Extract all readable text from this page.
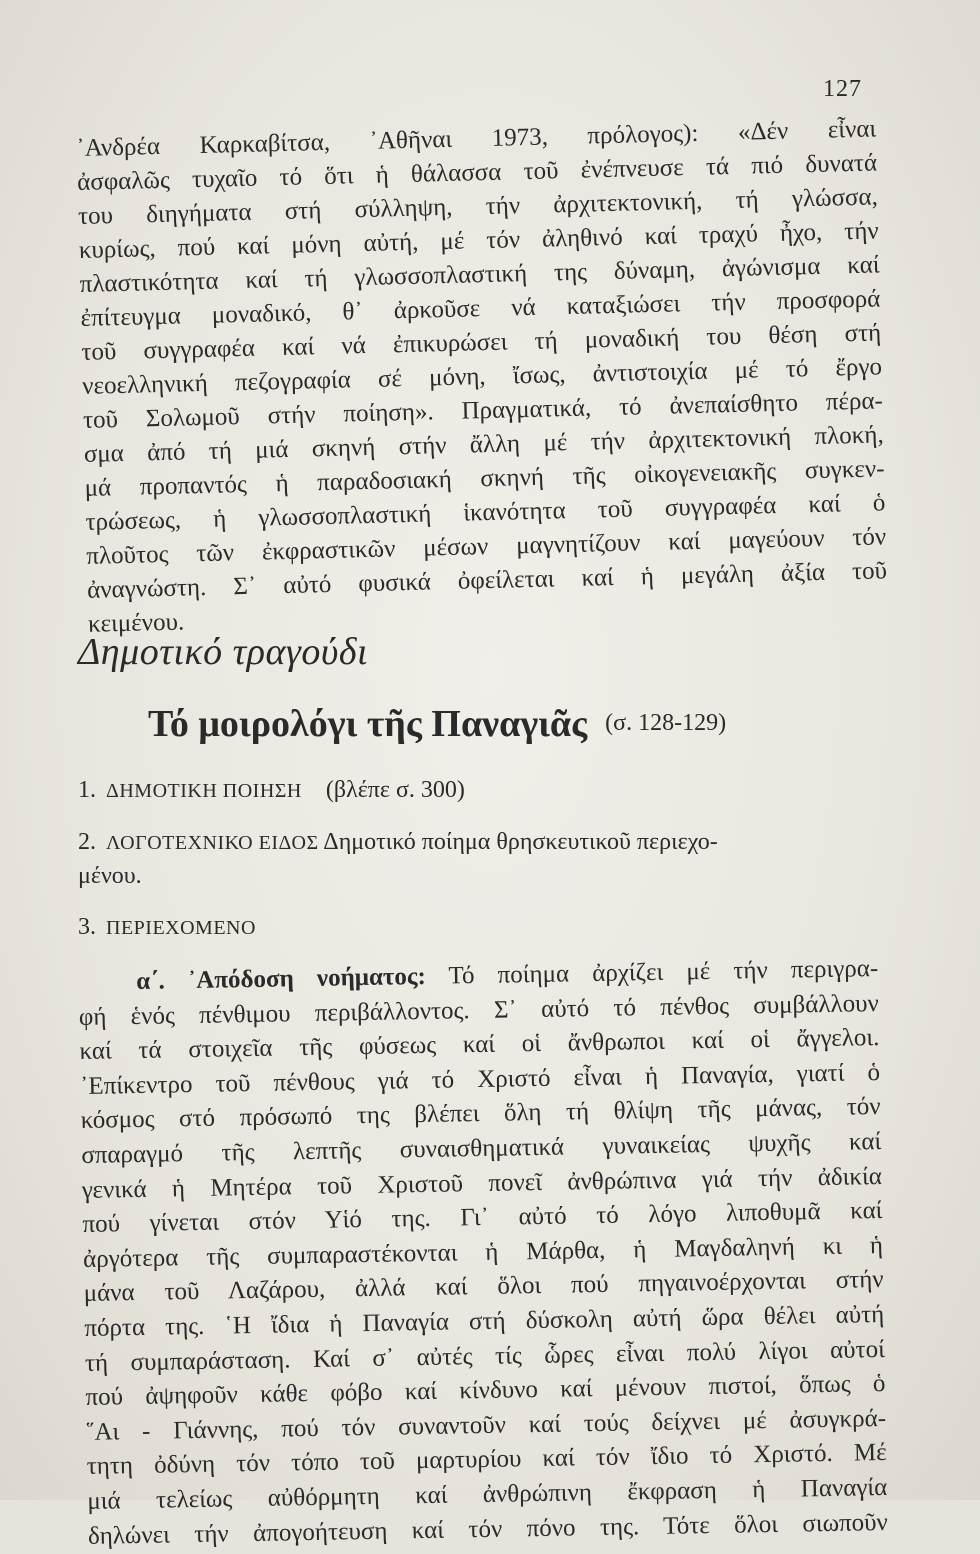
127
᾿Ανδρέα Καρκαβίτσα, ᾿Αθῆναι 1973, πρόλογος): «Δέν εἶναι
ἀσφαλῶς τυχαῖο τό ὅτι ἡ θάλασσα τοῦ ἐνέπνευσε τά πιό δυνατά
του διηγήματα στή σύλληψη, τήν ἀρχιτεκτονική, τή γλώσσα,
κυρίως, πού καί μόνη αὐτή, μέ τόν ἀληθινό καί τραχύ ἦχο, τήν
πλαστικότητα καί τή γλωσσοπλαστική της δύναμη, ἀγώνισμα καί
ἐπίτευγμα μοναδικό, θ᾿ ἀρκοῦσε νά καταξιώσει τήν προσφορά
τοῦ συγγραφέα καί νά ἐπικυρώσει τή μοναδική του θέση στή
νεοελληνική πεζογραφία σέ μόνη, ἴσως, ἀντιστοιχία μέ τό ἔργο
τοῦ Σολωμοῦ στήν ποίηση». Πραγματικά, τό ἀνεπαίσθητο πέρα-
σμα ἀπό τή μιά σκηνή στήν ἄλλη μέ τήν ἀρχιτεκτονική πλοκή,
μά προπαντός ἡ παραδοσιακή σκηνή τῆς οἰκογενειακῆς συγκεν-
τρώσεως, ἡ γλωσσοπλαστική ἱκανότητα τοῦ συγγραφέα καί ὁ
πλοῦτος τῶν ἐκφραστικῶν μέσων μαγνητίζουν καί μαγεύουν τόν
ἀναγνώστη. Σ᾿ αὐτό φυσικά ὀφείλεται καί ἡ μεγάλη ἀξία τοῦ
κειμένου.
Δημοτικό τραγούδι
Τό μοιρολόγι τῆς Παναγιᾶς (σ. 128-129)
1. ΔΗΜΟΤΙΚΗ ΠΟΙΗΣΗ (βλέπε σ. 300)
2. ΛΟΓΟΤΕΧΝΙΚΟ ΕΙΔΟΣ Δημοτικό ποίημα θρησκευτικοῦ περιεχο-
μένου.
3. ΠΕΡΙΕΧΟΜΕΝΟ
α΄. ᾿Απόδοση νοήματος: Τό ποίημα ἀρχίζει μέ τήν περιγρα-
φή ἑνός πένθιμου περιβάλλοντος. Σ᾿ αὐτό τό πένθος συμβάλλουν
καί τά στοιχεῖα τῆς φύσεως καί οἱ ἄνθρωποι καί οἱ ἄγγελοι.
᾿Επίκεντρο τοῦ πένθους γιά τό Χριστό εἶναι ἡ Παναγία, γιατί ὁ
κόσμος στό πρόσωπό της βλέπει ὅλη τή θλίψη τῆς μάνας, τόν
σπαραγμό τῆς λεπτῆς συναισθηματικά γυναικείας ψυχῆς καί
γενικά ἡ Μητέρα τοῦ Χριστοῦ πονεῖ ἀνθρώπινα γιά τήν ἀδικία
πού γίνεται στόν Υἱό της. Γι᾿ αὐτό τό λόγο λιποθυμᾶ καί
ἀργότερα τῆς συμπαραστέκονται ἡ Μάρθα, ἡ Μαγδαληνή κι ἡ
μάνα τοῦ Λαζάρου, ἀλλά καί ὅλοι πού πηγαινοέρχονται στήν
πόρτα της. ῾Η ἴδια ἡ Παναγία στή δύσκολη αὐτή ὥρα θέλει αὐτή
τή συμπαράσταση. Καί σ᾿ αὐτές τίς ὧρες εἶναι πολύ λίγοι αὐτοί
πού ἀψηφοῦν κάθε φόβο καί κίνδυνο καί μένουν πιστοί, ὅπως ὁ
῞Αι - Γιάννης, πού τόν συναντοῦν καί τούς δείχνει μέ ἀσυγκρά-
τητη ὀδύνη τόν τόπο τοῦ μαρτυρίου καί τόν ἴδιο τό Χριστό. Μέ
μιά τελείως αὐθόρμητη καί ἀνθρώπινη ἔκφραση ἡ Παναγία
δηλώνει τήν ἀπογοήτευση καί τόν πόνο της. Τότε ὅλοι σιωποῦν
